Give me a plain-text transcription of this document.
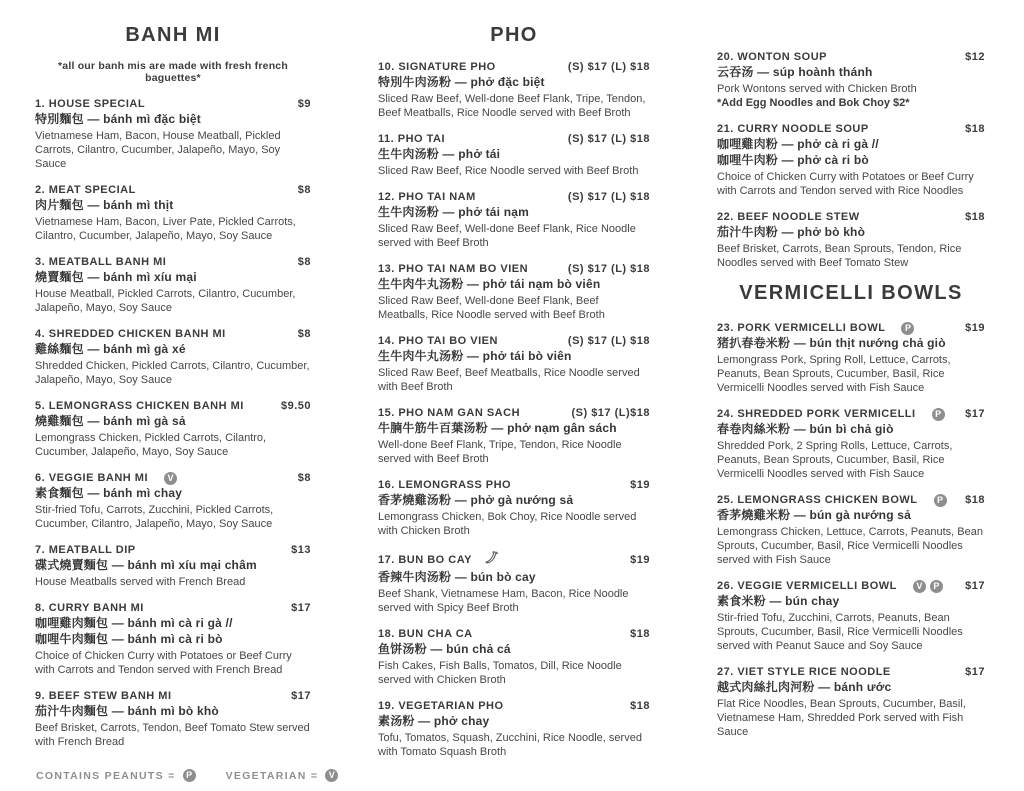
BANH MI
*all our banh mis are made with fresh french baguettes*
1. HOUSE SPECIAL	$9
特別麵包 — bánh mì đặc biệt
Vietnamese Ham, Bacon, House Meatball, Pickled Carrots, Cilantro, Cucumber, Jalapeño, Mayo, Soy Sauce
2. MEAT SPECIAL	$8
肉片麵包 — bánh mì thịt
Vietnamese Ham, Bacon, Liver Pate, Pickled Carrots, Cilantro, Cucumber, Jalapeño, Mayo, Soy Sauce
3. MEATBALL BANH MI	$8
燒賣麵包 — bánh mì xíu mại
House Meatball, Pickled Carrots, Cilantro, Cucumber, Jalapeño, Mayo, Soy Sauce
4. SHREDDED CHICKEN BANH MI	$8
雞絲麵包 — bánh mì gà xé
Shredded Chicken, Pickled Carrots, Cilantro, Cucumber, Jalapeño, Mayo, Soy Sauce
5. LEMONGRASS CHICKEN BANH MI	$9.50
燒雞麵包 — bánh mì gà sả
Lemongrass Chicken, Pickled Carrots, Cilantro, Cucumber, Jalapeño, Mayo, Soy Sauce
6. VEGGIE BANH MI	V	$8
素食麵包 — bánh mì chay
Stir-fried Tofu, Carrots, Zucchini, Pickled Carrots, Cucumber, Cilantro, Jalapeño, Mayo, Soy Sauce
7. MEATBALL DIP	$13
碟式燒賣麵包 — bánh mì xíu mại châm
House Meatballs served with French Bread
8. CURRY BANH MI	$17
咖哩雞肉麵包 — bánh mì cà ri gà //
咖哩牛肉麵包 — bánh mì cà ri bò
Choice of Chicken Curry with Potatoes or Beef Curry with Carrots and Tendon served with French Bread
9. BEEF STEW BANH MI	$17
茄汁牛肉麵包 — bánh mì bò khò
Beef Brisket, Carrots, Tendon, Beef Tomato Stew served with French Bread
PHO
10. SIGNATURE PHO	(S) $17 (L) $18
特別牛肉汤粉 — phở đặc biệt
Sliced Raw Beef, Well-done Beef Flank, Tripe, Tendon, Beef Meatballs, Rice Noodle served with Beef Broth
11. PHO TAI	(S) $17 (L) $18
生牛肉汤粉 — phở tái
Sliced Raw Beef, Rice Noodle served with Beef Broth
12. PHO TAI NAM	(S) $17 (L) $18
生牛肉汤粉 — phở tái nạm
Sliced Raw Beef, Well-done Beef Flank, Rice Noodle served with Beef Broth
13. PHO TAI NAM BO VIEN	(S) $17 (L) $18
生牛肉牛丸汤粉 — phở tái nạm bò viên
Sliced Raw Beef, Well-done Beef Flank, Beef Meatballs, Rice Noodle served with Beef Broth
14. PHO TAI BO VIEN	(S) $17 (L) $18
生牛肉牛丸汤粉 — phở tái bò viên
Sliced Raw Beef, Beef Meatballs, Rice Noodle served with Beef Broth
15. PHO NAM GAN SACH	(S) $17 (L)$18
牛腩牛筋牛百葉汤粉 — phở nạm gân sách
Well-done Beef Flank, Tripe, Tendon, Rice Noodle served with Beef Broth
16. LEMONGRASS PHO	$19
香茅燒雞汤粉 — phở gà nướng sả
Lemongrass Chicken, Bok Choy, Rice Noodle served with Chicken Broth
17. BUN BO CAY	$19
香辣牛肉汤粉 — bún bò cay
Beef Shank, Vietnamese Ham, Bacon, Rice Noodle served with Spicy Beef Broth
18. BUN CHA CA	$18
鱼饼汤粉 — bún chả cá
Fish Cakes, Fish Balls, Tomatos, Dill, Rice Noodle served with Chicken Broth
19. VEGETARIAN PHO	$18
素汤粉 — phở chay
Tofu, Tomatos, Squash, Zucchini, Rice Noodle, served with Tomato Squash Broth
20. WONTON SOUP	$12
云吞汤 — súp hoành thánh
Pork Wontons served with Chicken Broth
*Add Egg Noodles and Bok Choy $2*
21. CURRY NOODLE SOUP	$18
咖哩雞肉粉 — phở cà ri gà //
咖哩牛肉粉 — phở cà ri bò
Choice of Chicken Curry with Potatoes or Beef Curry with Carrots and Tendon served with Rice Noodles
22. BEEF NOODLE STEW	$18
茄汁牛肉粉 — phở bò khò
Beef Brisket, Carrots, Bean Sprouts, Tendon, Rice Noodles served with Beef Tomato Stew
VERMICELLI BOWLS
23. PORK VERMICELLI BOWL	P	$19
猪扒春卷米粉 — bún thịt nướng chả giò
Lemongrass Pork, Spring Roll, Lettuce, Carrots, Peanuts, Bean Sprouts, Cucumber, Basil, Rice Vermicelli Noodles served with Fish Sauce
24. SHREDDED PORK VERMICELLI	P	$17
春卷肉絲米粉 — bún bì chả giò
Shredded Pork, 2 Spring Rolls, Lettuce, Carrots, Peanuts, Bean Sprouts, Cucumber, Basil, Rice Vermicelli Noodles served with Fish Sauce
25. LEMONGRASS CHICKEN BOWL	P	$18
香茅燒雞米粉 — bún gà nướng sả
Lemongrass Chicken, Lettuce, Carrots, Peanuts, Bean Sprouts, Cucumber, Basil, Rice Vermicelli Noodles served with Fish Sauce
26. VEGGIE VERMICELLI BOWL	V	P	$17
素食米粉 — bún chay
Stir-fried Tofu, Zucchini, Carrots, Peanuts, Bean Sprouts, Cucumber, Basil, Rice Vermicelli Noodles served with Peanut Sauce and Soy Sauce
27. VIET STYLE RICE NOODLE	$17
越式肉絲扎肉河粉 — bánh ước
Flat Rice Noodles, Bean Sprouts, Cucumber, Basil, Vietnamese Ham, Shredded Pork served with Fish Sauce
CONTAINS PEANUTS =	P	VEGETARIAN =	V
